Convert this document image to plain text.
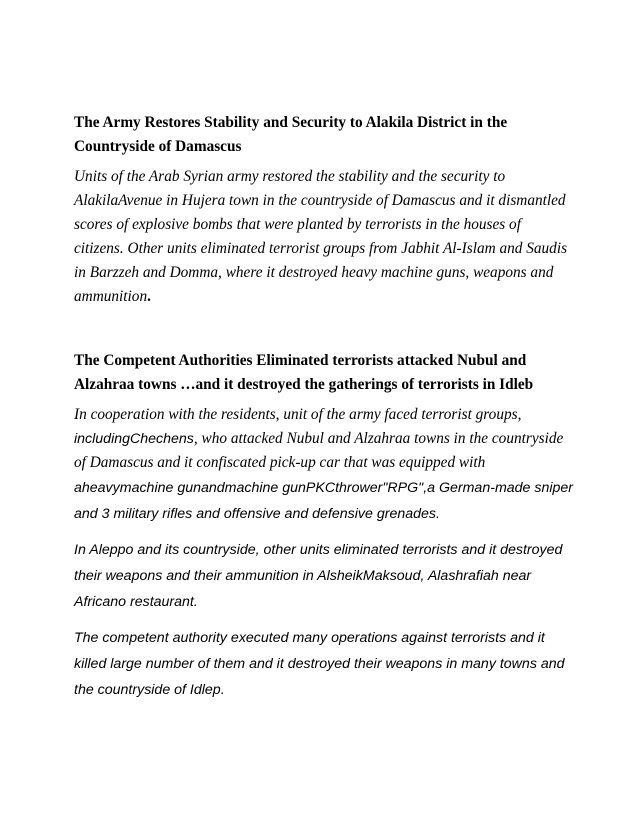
The Army Restores Stability and Security to Alakila District in the Countryside of Damascus

Units of the Arab Syrian army restored the stability and the security to AlakilaAvenue in Hujera town in the countryside of Damascus and it dismantled scores of explosive bombs that were planted by terrorists in the houses of citizens. Other units eliminated terrorist groups from Jabhit Al-Islam and Saudis in Barzzeh and Domma, where it destroyed heavy machine guns, weapons and ammunition.

The Competent Authorities Eliminated terrorists attacked Nubul and Alzahraa towns …and it destroyed the gatherings of terrorists in Idleb

In cooperation with the residents, unit of the army faced terrorist groups, includingChechens, who attacked Nubul and Alzahraa towns in the countryside of Damascus and it confiscated pick-up car that was equipped with aheavymachine gunandmachine gunPKCthrower"RPG",a German-made sniper and 3 military rifles and offensive and defensive grenades.

In Aleppo and its countryside, other units eliminated terrorists and it destroyed their weapons and their ammunition in AlsheikMaksoud, Alashrafiah near Africano restaurant.

The competent authority executed many operations against terrorists and it killed large number of them and it destroyed their weapons in many towns and the countryside of Idlep.
